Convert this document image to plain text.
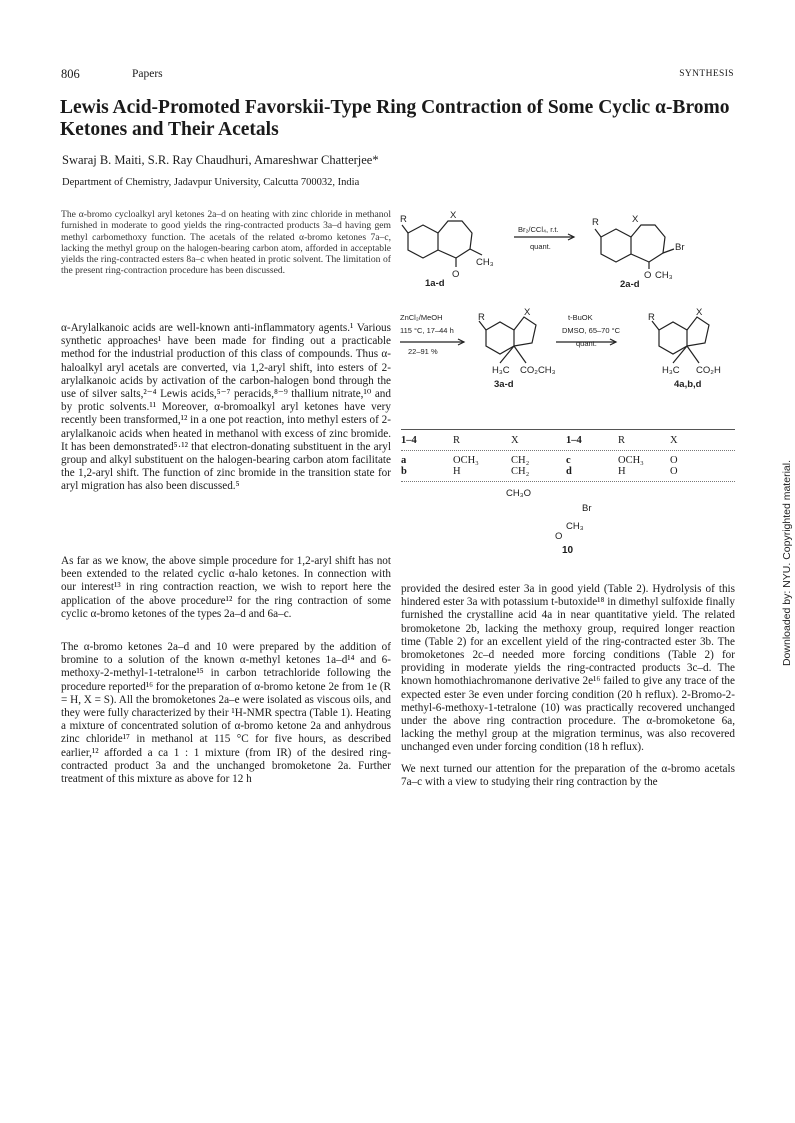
806	Papers	SYNTHESIS
Lewis Acid-Promoted Favorskii-Type Ring Contraction of Some Cyclic α-Bromo Ketones and Their Acetals
Swaraj B. Maiti, S.R. Ray Chaudhuri, Amareshwar Chatterjee*
Department of Chemistry, Jadavpur University, Calcutta 700032, India
The α-bromo cycloalkyl aryl ketones 2a–d on heating with zinc chloride in methanol furnished in moderate to good yields the ring-contracted products 3a–d having gem methyl carbomethoxy function. The acetals of the related α-bromo ketones 7a–c, lacking the methyl group on the halogen-bearing carbon atom, afforded in acceptable yields the ring-contracted esters 8a–c when heated in protic solvent. The limitation of the present ring-contraction procedure has been discussed.

α-Arylalkanoic acids are well-known anti-inflammatory agents.¹ Various synthetic approaches¹ have been made for finding out a practicable method for the industrial production of this class of compounds. Thus α-haloalkyl aryl acetals are converted, via 1,2-aryl shift, into esters of 2-arylalkanoic acids by activation of the carbon-halogen bond through the use of silver salts,²⁻⁴ Lewis acids,⁵⁻⁷ peracids,⁸⁻⁹ thallium nitrate,¹⁰ and by protic solvents.¹¹ Moreover, α-bromoalkyl aryl ketones have very recently been transformed,¹² in a one pot reaction, into methyl esters of 2-arylalkanoic acids when heated in methanol with excess of zinc bromide. It has been demonstrated⁵·¹² that electron-donating substituent in the aryl group and alkyl substituent on the halogen-bearing carbon atom facilitate the 1,2-aryl shift. The function of zinc bromide in the transition state for aryl migration has also been discussed.⁵

As far as we know, the above simple procedure for 1,2-aryl shift has not been extended to the related cyclic α-halo ketones. In connection with our interest¹³ in ring contraction reaction, we wish to report here the application of the above procedure¹² for the ring contraction of some cyclic α-bromo ketones of the types 2a–d and 6a–c.

The α-bromo ketones 2a–d and 10 were prepared by the addition of bromine to a solution of the known α-methyl ketones 1a–d¹⁴ and 6-methoxy-2-methyl-1-tetralone¹⁵ in carbon tetrachloride following the procedure reported¹⁶ for the preparation of α-bromo ketone 2e from 1e (R = H, X = S). All the bromoketones 2a–e were isolated as viscous oils, and they were fully characterized by their ¹H-NMR spectra (Table 1). Heating a mixture of concentrated solution of α-bromo ketone 2a and anhydrous zinc chloride¹⁷ in methanol at 115 °C for five hours, as described earlier,¹² afforded a ca 1 : 1 mixture (from IR) of the desired ring-contracted product 3a and the unchanged bromoketone 2a. Further treatment of this mixture as above for 12 h

R	X
O
CH₃
1a-d
Br₂/CCl₄, r.t.
quant.
R	X
Br
O CH₃
2a-d
ZnCl₂/MeOH
115 °C, 17–44 h
22–91 %
R	X
H₃C CO₂CH₃
3a-d
t-BuOK
DMSO, 65–70 °C
quant.
R	X
H₃C CO₂H
4a,b,d
1–4	R	X	1–4	R	X
a	OCH₃	CH₂	c	OCH₃	O
b	H	CH₂	d	H	O
CH₃O
Br
CH₃
O
10

provided the desired ester 3a in good yield (Table 2). Hydrolysis of this hindered ester 3a with potassium t-butoxide¹⁸ in dimethyl sulfoxide finally furnished the crystalline acid 4a in near quantitative yield. The related bromoketone 2b, lacking the methoxy group, required longer reaction time (Table 2) for an excellent yield of the ring-contracted ester 3b. The bromoketones 2c–d needed more forcing conditions (Table 2) for providing in moderate yields the ring-contracted products 3c–d. The known homothiachromanone derivative 2e¹⁶ failed to give any trace of the expected ester 3e even under forcing condition (20 h reflux). 2-Bromo-2-methyl-6-methoxy-1-tetralone (10) was practically recovered unchanged under the above ring contraction procedure. The α-bromoketone 6a, lacking the methyl group at the migration terminus, was also recovered unchanged even under forcing condition (18 h reflux).

We next turned our attention for the preparation of the α-bromo acetals 7a–c with a view to studying their ring contraction by the

Downloaded by: NYU. Copyrighted material.
